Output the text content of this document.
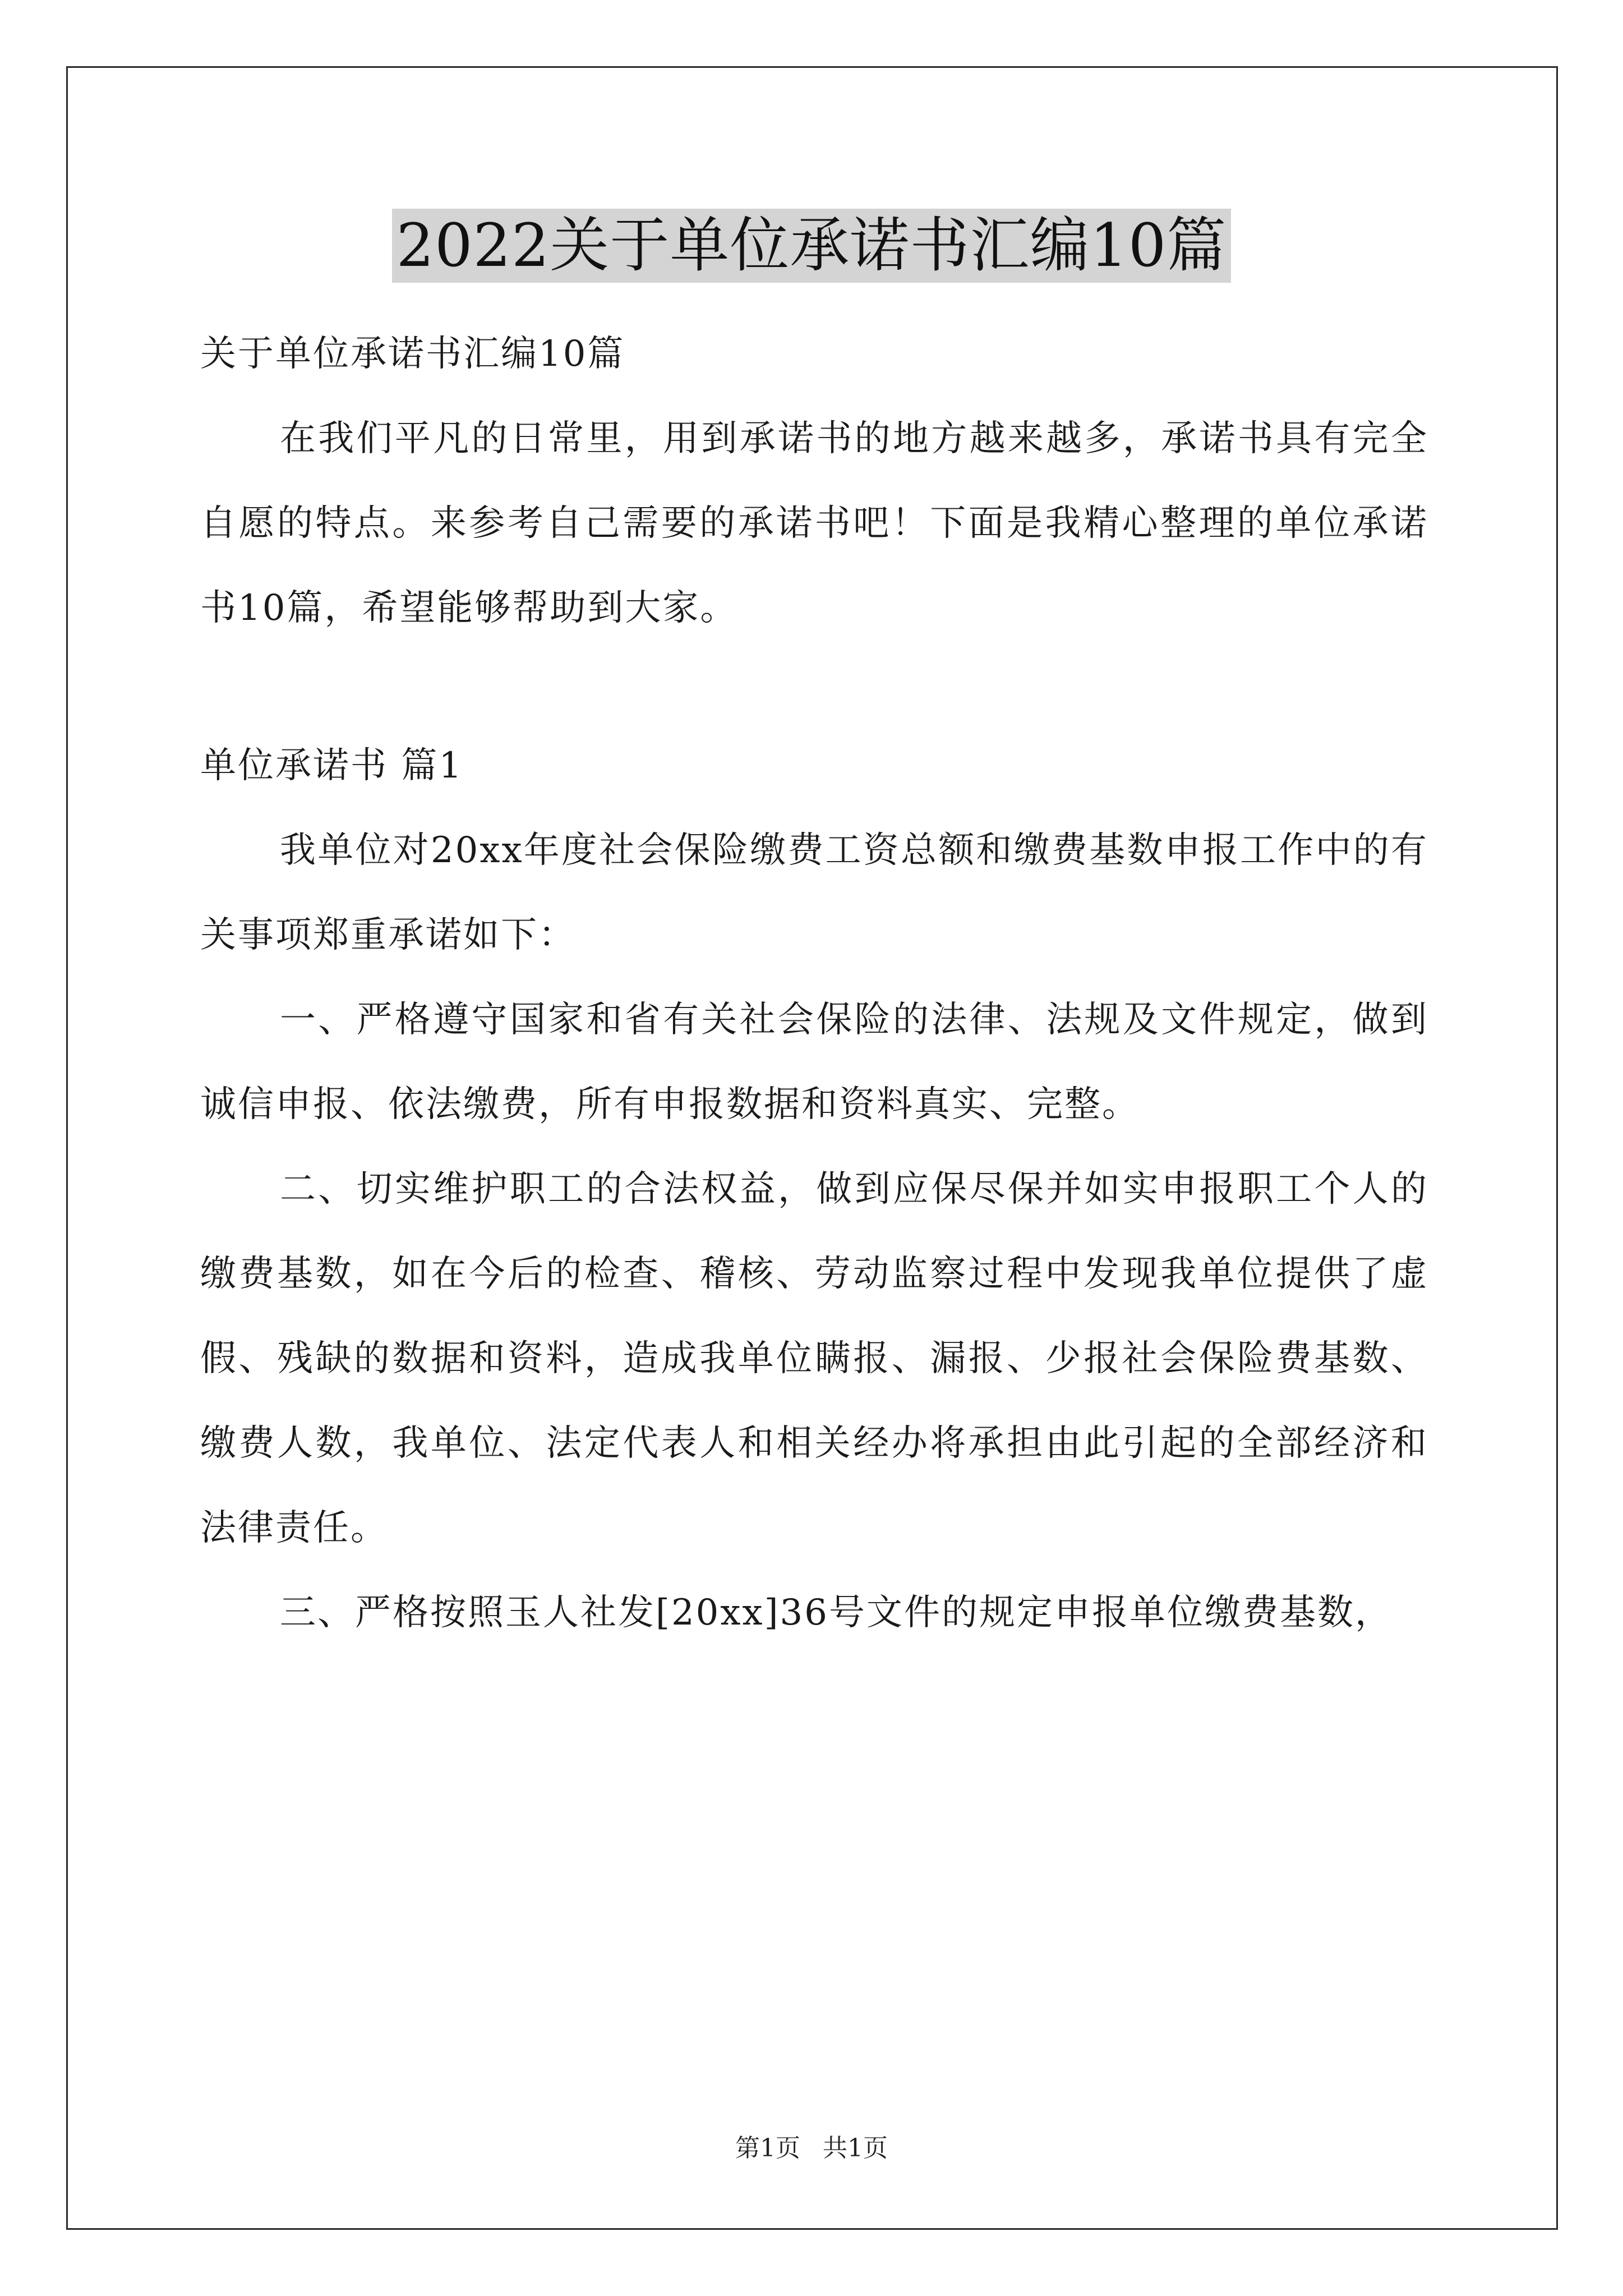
2022关于单位承诺书汇编10篇

关于单位承诺书汇编10篇

在我们平凡的日常里，用到承诺书的地方越来越多，承诺书具有完全自愿的特点。来参考自己需要的承诺书吧！下面是我精心整理的单位承诺书10篇，希望能够帮助到大家。

单位承诺书 篇1

我单位对20xx年度社会保险缴费工资总额和缴费基数申报工作中的有关事项郑重承诺如下：

一、严格遵守国家和省有关社会保险的法律、法规及文件规定，做到诚信申报、依法缴费，所有申报数据和资料真实、完整。

二、切实维护职工的合法权益，做到应保尽保并如实申报职工个人的缴费基数，如在今后的检查、稽核、劳动监察过程中发现我单位提供了虚假、残缺的数据和资料，造成我单位瞒报、漏报、少报社会保险费基数、缴费人数，我单位、法定代表人和相关经办将承担由此引起的全部经济和法律责任。

三、严格按照玉人社发[20xx]36号文件的规定申报单位缴费基数，

第1页 共1页
